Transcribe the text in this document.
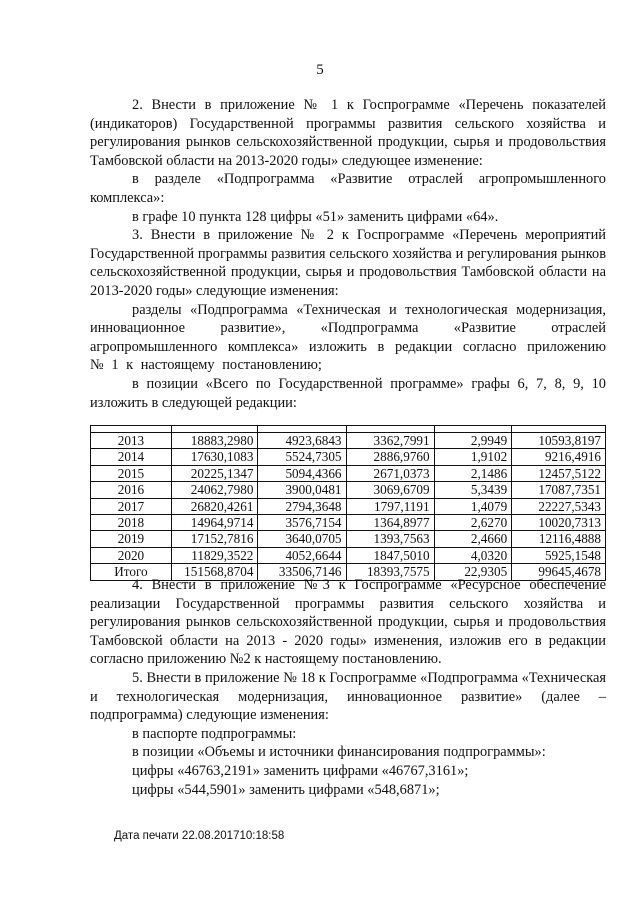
5

2. Внести в приложение № 1 к Госпрограмме «Перечень показателей (индикаторов) Государственной программы развития сельского хозяйства и регулирования рынков сельскохозяйственной продукции, сырья и продовольствия Тамбовской области на 2013-2020 годы» следующее изменение:

в разделе «Подпрограмма «Развитие отраслей агропромышленного комплекса»:

в графе 10 пункта 128 цифры «51» заменить цифрами «64».

3. Внести в приложение № 2 к Госпрограмме «Перечень мероприятий Государственной программы развития сельского хозяйства и регулирования рынков сельскохозяйственной продукции, сырья и продовольствия Тамбовской области на 2013-2020 годы» следующие изменения:

разделы «Подпрограмма «Техническая и технологическая модернизация, инновационное развитие», «Подпрограмма «Развитие отраслей агропромышленного комплекса» изложить в редакции согласно приложению № 1 к настоящему постановлению;

в позиции «Всего по Государственной программе» графы 6, 7, 8, 9, 10 изложить в следующей редакции:

2013	18883,2980	4923,6843	3362,7991	2,9949	10593,8197
2014	17630,1083	5524,7305	2886,9760	1,9102	9216,4916
2015	20225,1347	5094,4366	2671,0373	2,1486	12457,5122
2016	24062,7980	3900,0481	3069,6709	5,3439	17087,7351
2017	26820,4261	2794,3648	1797,1191	1,4079	22227,5343
2018	14964,9714	3576,7154	1364,8977	2,6270	10020,7313
2019	17152,7816	3640,0705	1393,7563	2,4660	12116,4888
2020	11829,3522	4052,6644	1847,5010	4,0320	5925,1548
Итого	151568,8704	33506,7146	18393,7575	22,9305	99645,4678

4. Внести в приложение №3 к Госпрограмме «Ресурсное обеспечение реализации Государственной программы развития сельского хозяйства и регулирования рынков сельскохозяйственной продукции, сырья и продовольствия Тамбовской области на 2013 - 2020 годы» изменения, изложив его в редакции согласно приложению №2 к настоящему постановлению.

5. Внести в приложение № 18 к Госпрограмме «Подпрограмма «Техническая и технологическая модернизация, инновационное развитие» (далее – подпрограмма) следующие изменения:

в паспорте подпрограммы:

в позиции «Объемы и источники финансирования подпрограммы»:

цифры «46763,2191» заменить цифрами «46767,3161»;

цифры «544,5901» заменить цифрами «548,6871»;

Дата печати 22.08.201710:18:58
